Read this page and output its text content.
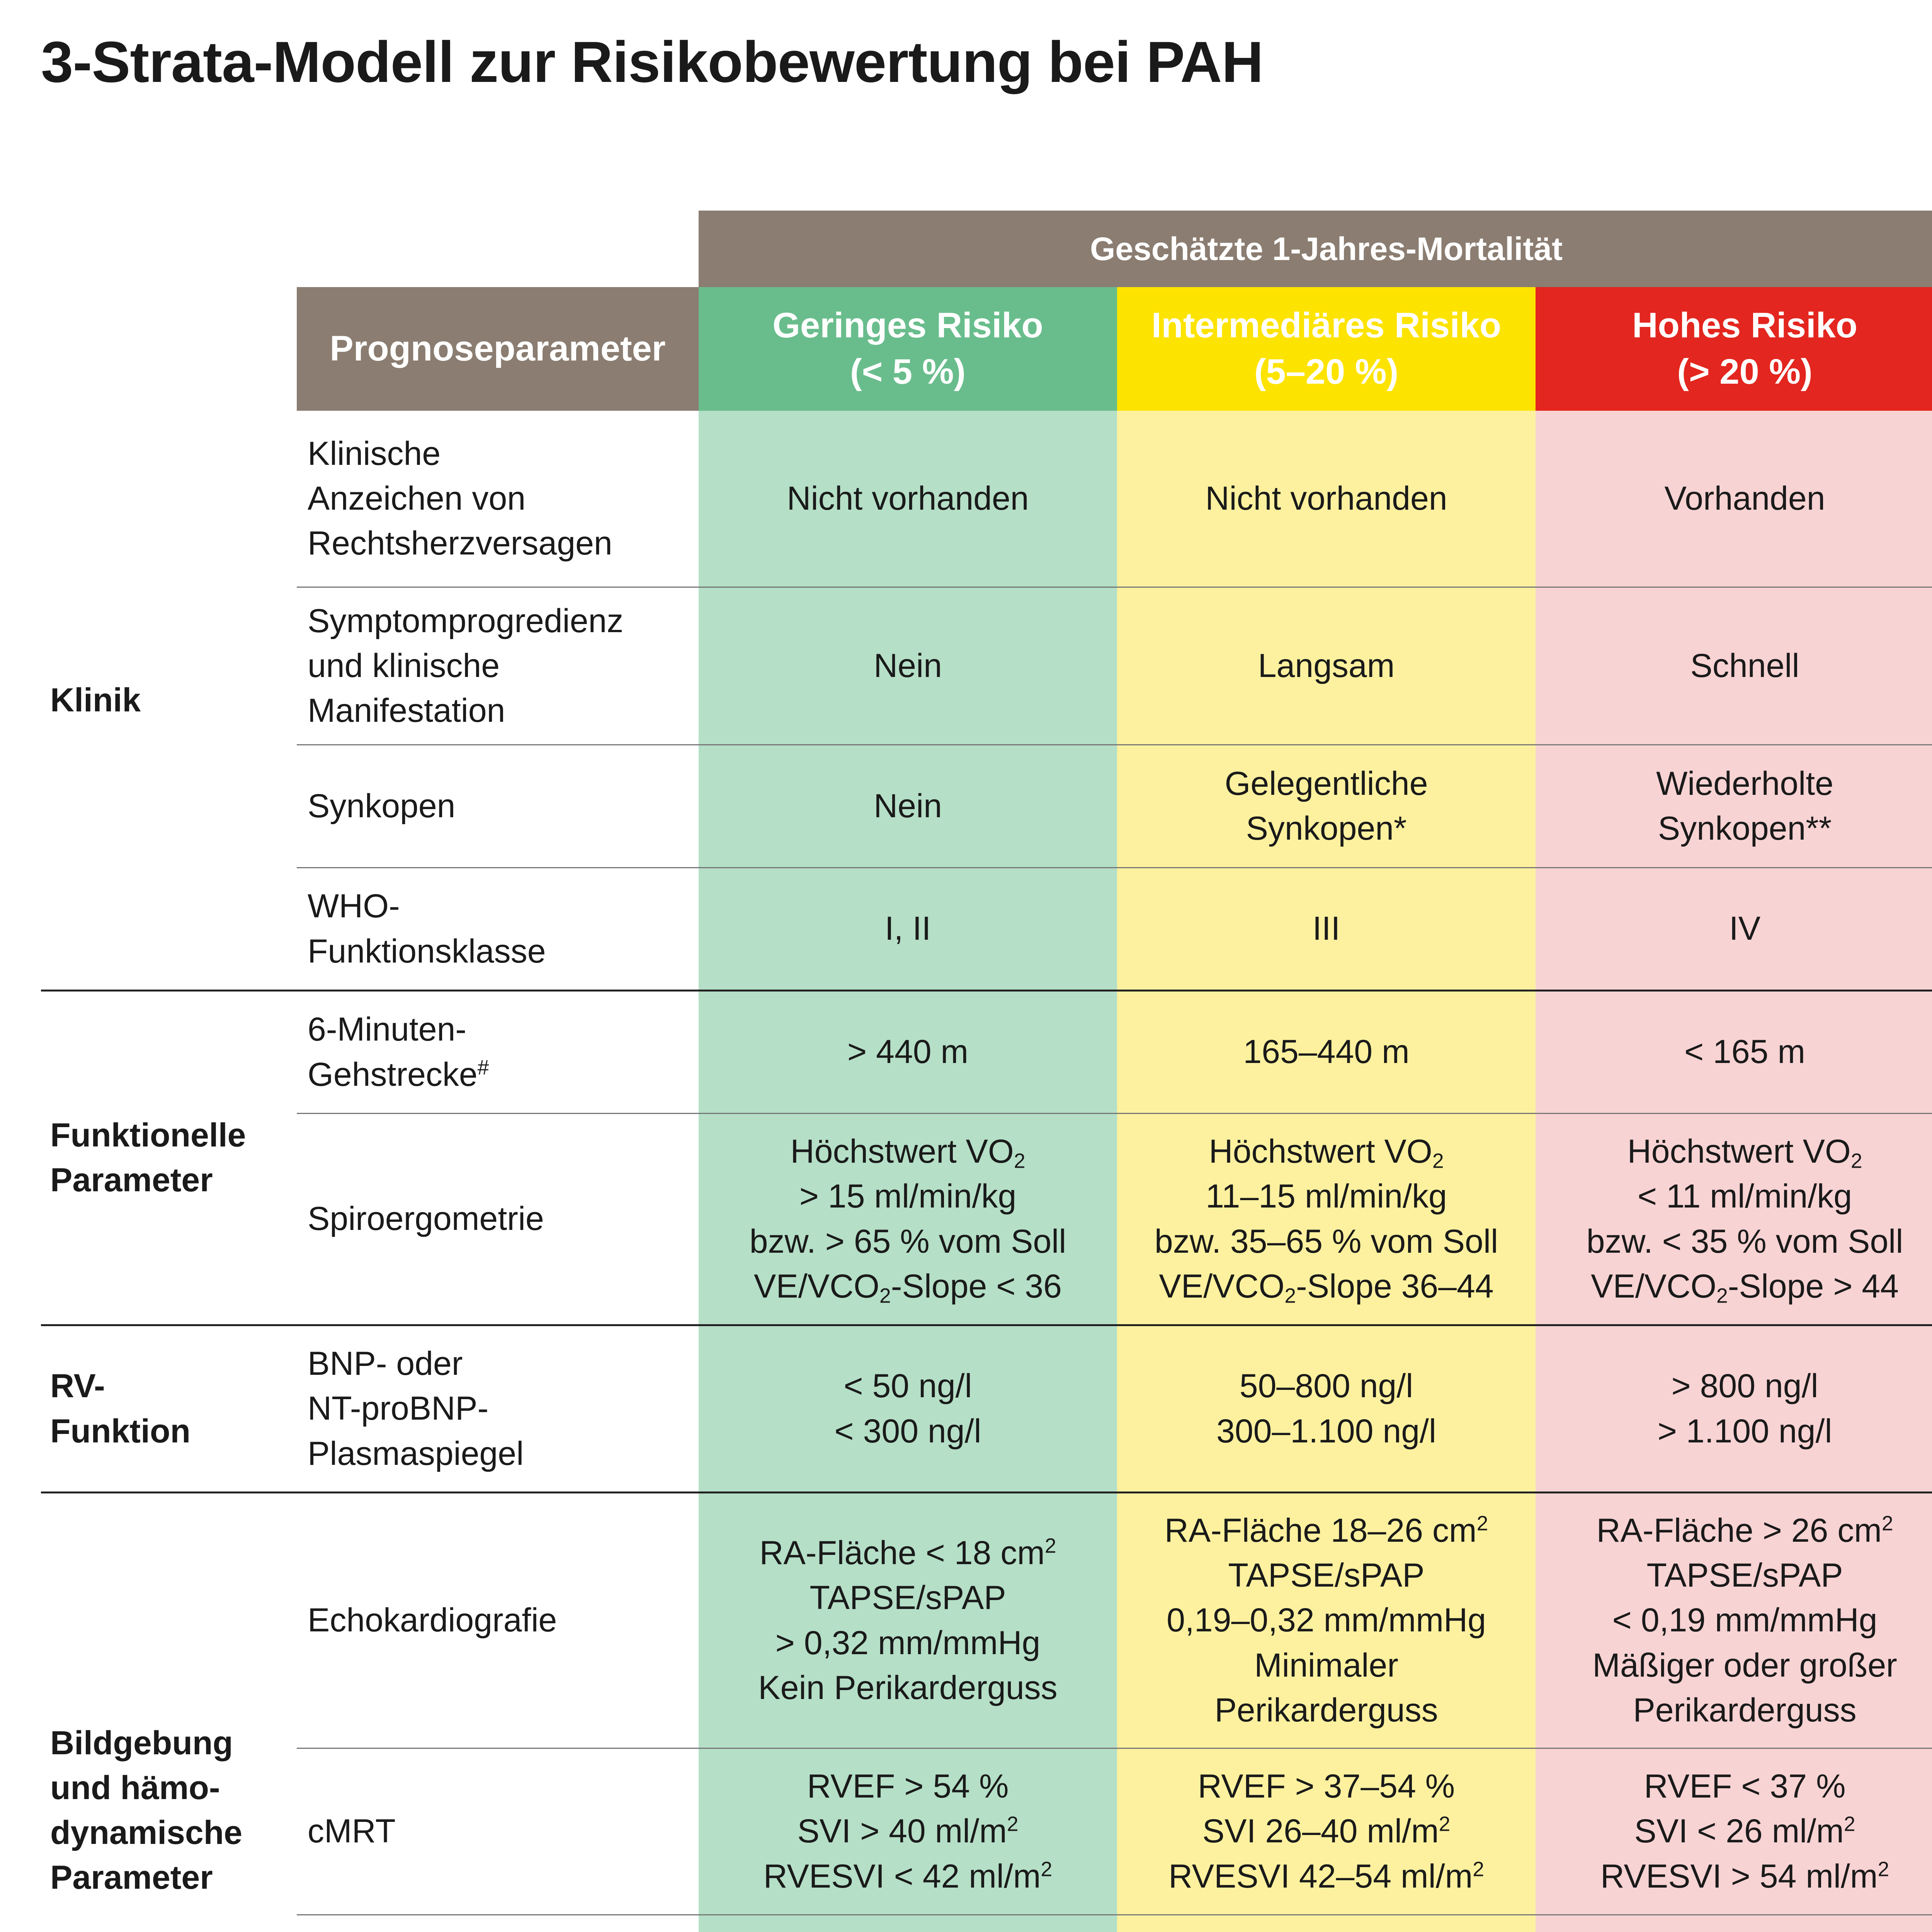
3-Strata-Modell zur Risikobewertung bei PAH
		Geschätzte 1-Jahres-Mortalität		
	Prognoseparameter	Geringes Risiko
(< 5 %)	Intermediäres Risiko
(5–20 %)	Hohes Risiko
(> 20 %)

Klinik	Klinische
Anzeichen von
Rechtsherzversagen	Nicht vorhanden	Nicht vorhanden	Vorhanden

	Symptomprogredienz
und klinische
Manifestation	Nein	Langsam	Schnell
	Synkopen	Nein	Gelegentliche
Synkopen*	Wiederholte
Synkopen**

	WHO-
Funktionsklasse	I, II	III	IV

Funktionelle
Parameter	6-Minuten-
Gehstrecke#	> 440 m	165–440 m	< 165 m
	Spiroergometrie	Höchstwert $VO_2$
> 15 ml/min/kg
bzw. > 65 % vom Soll
$VE/VCO_2$-Slope < 36	Höchstwert $VO_2$
11–15 ml/min/kg
bzw. 35–65 % vom Soll
$VE/VCO_2$-Slope 36–44	Höchstwert $VO_2$
< 11 ml/min/kg
bzw. < 35 % vom Soll
$VE/VCO_2$-Slope > 44

RV-
Funktion	BNP- oder
NT-proBNP-
Plasmaspiegel	< 50 ng/l
< 300 ng/l	50–800 ng/l
300–1.100 ng/l	> 800 ng/l
> 1.100 ng/l

Bildgebung
und hämo-
dynamische
Parameter	Echokardiografie	RA-Fläche < 18 $cm^2$
TAPSE/sPAP
> 0,32 mm/mmHg
Kein Perikarderguss	RA-Fläche 18–26 $cm^2$
TAPSE/sPAP
0,19–0,32 mm/mmHg
Minimaler
Perikarderguss	RA-Fläche > 26 $cm^2$
TAPSE/sPAP
< 0,19 mm/mmHg
Mäßiger oder großer
Perikarderguss

	cMRT	RVEF > 54 %
SVI > 40 $ml/m^2$
RVESVI < 42 $ml/m^2$	RVEF > 37–54 %
SVI 26–40 $ml/m^2$
RVESVI 42–54 $ml/m^2$	RVEF < 37 %
SVI < 26 $ml/m^2$
RVESVI > 54 $ml/m^2$
